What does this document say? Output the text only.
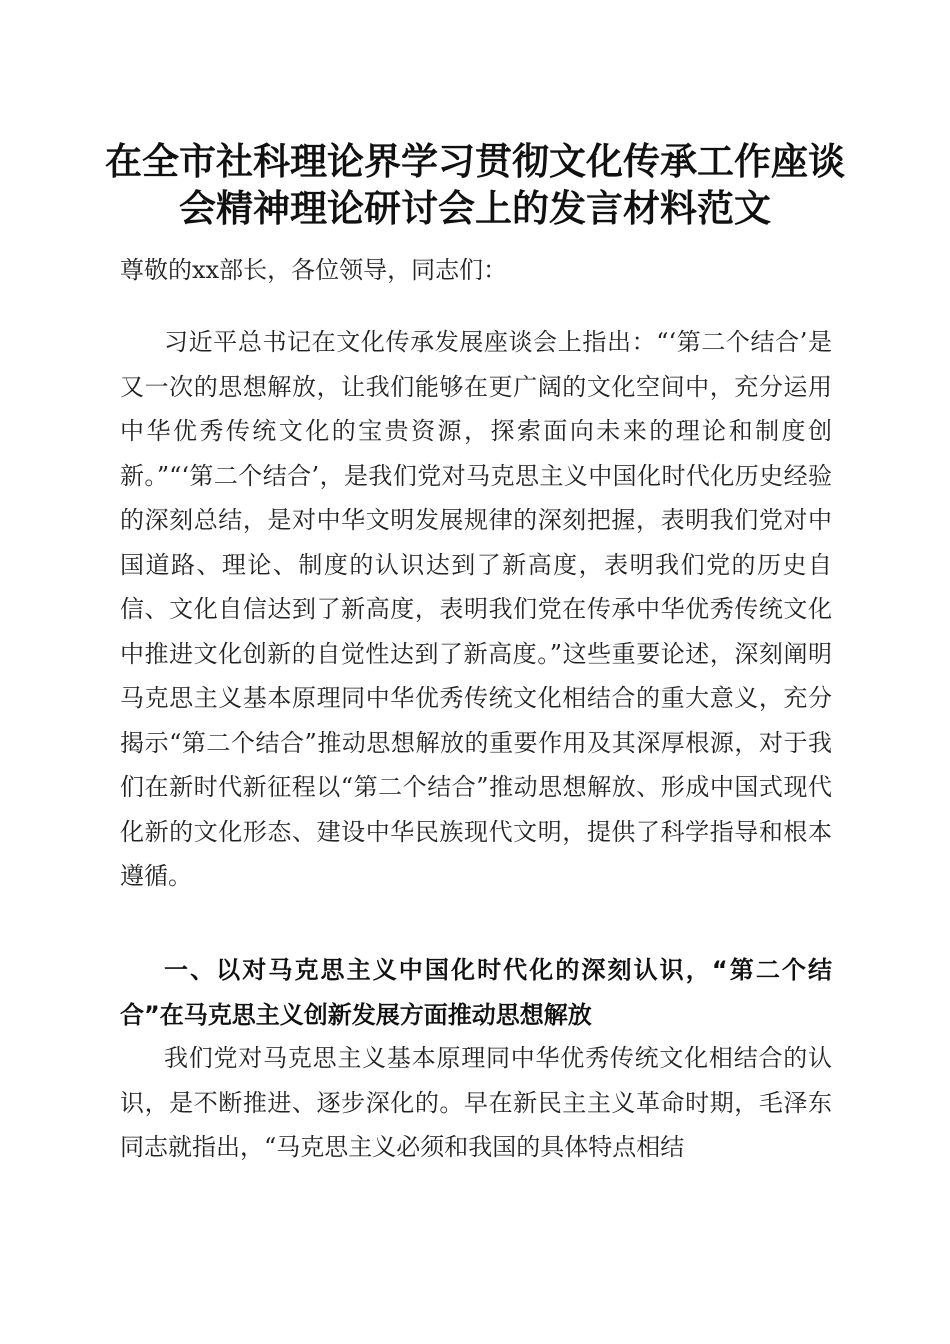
在全市社科理论界学习贯彻文化传承工作座谈会精神理论研讨会上的发言材料范文

尊敬的xx部长，各位领导，同志们：

习近平总书记在文化传承发展座谈会上指出：“‘第二个结合’是又一次的思想解放，让我们能够在更广阔的文化空间中，充分运用中华优秀传统文化的宝贵资源，探索面向未来的理论和制度创新。”“‘第二个结合’，是我们党对马克思主义中国化时代化历史经验的深刻总结，是对中华文明发展规律的深刻把握，表明我们党对中国道路、理论、制度的认识达到了新高度，表明我们党的历史自信、文化自信达到了新高度，表明我们党在传承中华优秀传统文化中推进文化创新的自觉性达到了新高度。”这些重要论述，深刻阐明马克思主义基本原理同中华优秀传统文化相结合的重大意义，充分揭示“第二个结合”推动思想解放的重要作用及其深厚根源，对于我们在新时代新征程以“第二个结合”推动思想解放、形成中国式现代化新的文化形态、建设中华民族现代文明，提供了科学指导和根本遵循。

一、以对马克思主义中国化时代化的深刻认识，“第二个结合”在马克思主义创新发展方面推动思想解放

我们党对马克思主义基本原理同中华优秀传统文化相结合的认识，是不断推进、逐步深化的。早在新民主主义革命时期，毛泽东同志就指出，“马克思主义必须和我国的具体特点相结
